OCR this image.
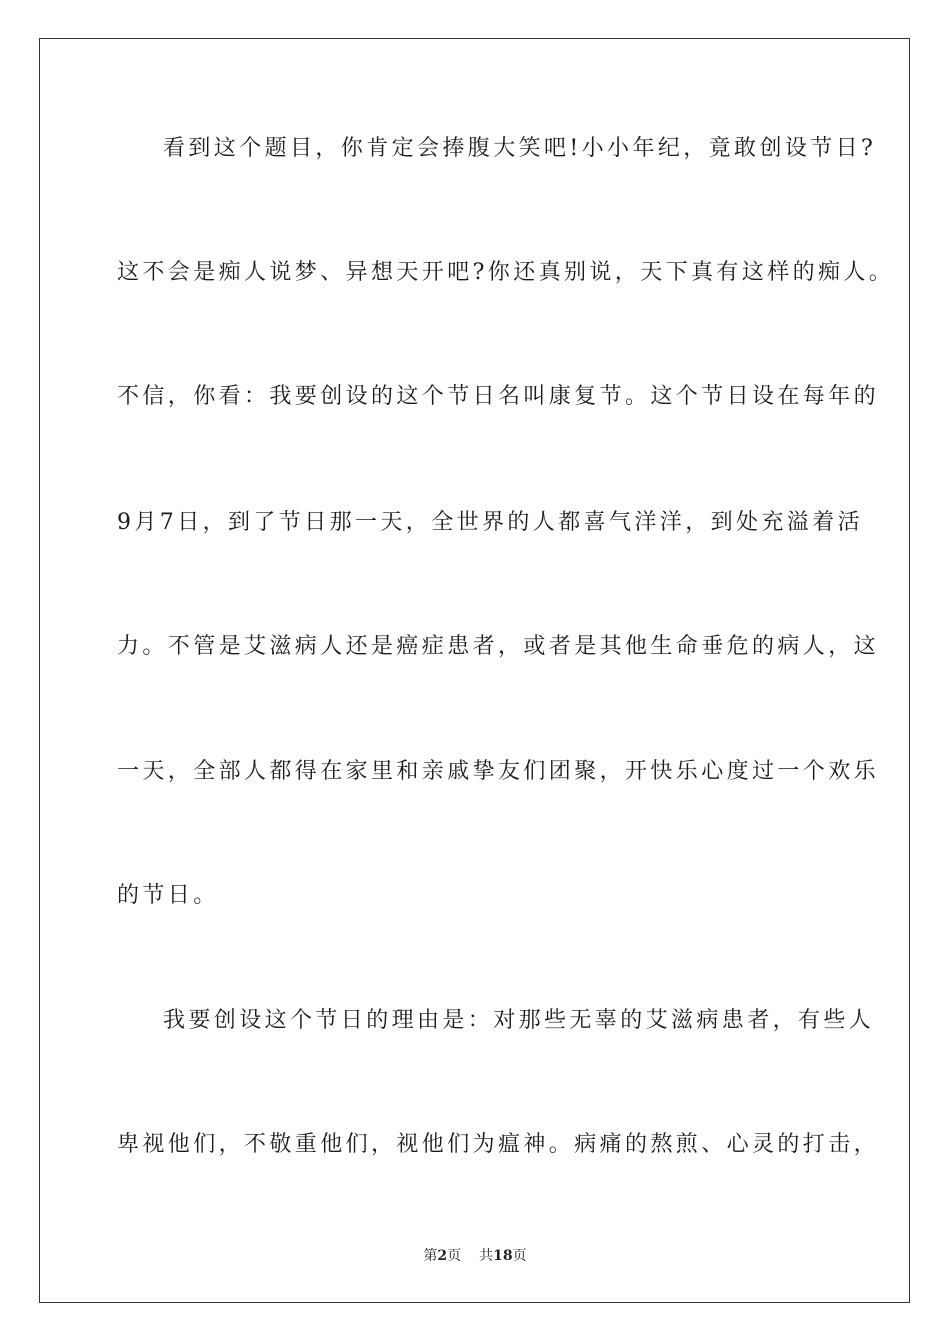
看到这个题目，你肯定会捧腹大笑吧!小小年纪，竟敢创设节日?
这不会是痴人说梦、异想天开吧?你还真别说，天下真有这样的痴人。
不信，你看：我要创设的这个节日名叫康复节。这个节日设在每年的
9月7日，到了节日那一天，全世界的人都喜气洋洋，到处充溢着活
力。不管是艾滋病人还是癌症患者，或者是其他生命垂危的病人，这
一天，全部人都得在家里和亲戚挚友们团聚，开快乐心度过一个欢乐
的节日。
我要创设这个节日的理由是：对那些无辜的艾滋病患者，有些人
卑视他们，不敬重他们，视他们为瘟神。病痛的熬煎、心灵的打击，
第2页 共18页
